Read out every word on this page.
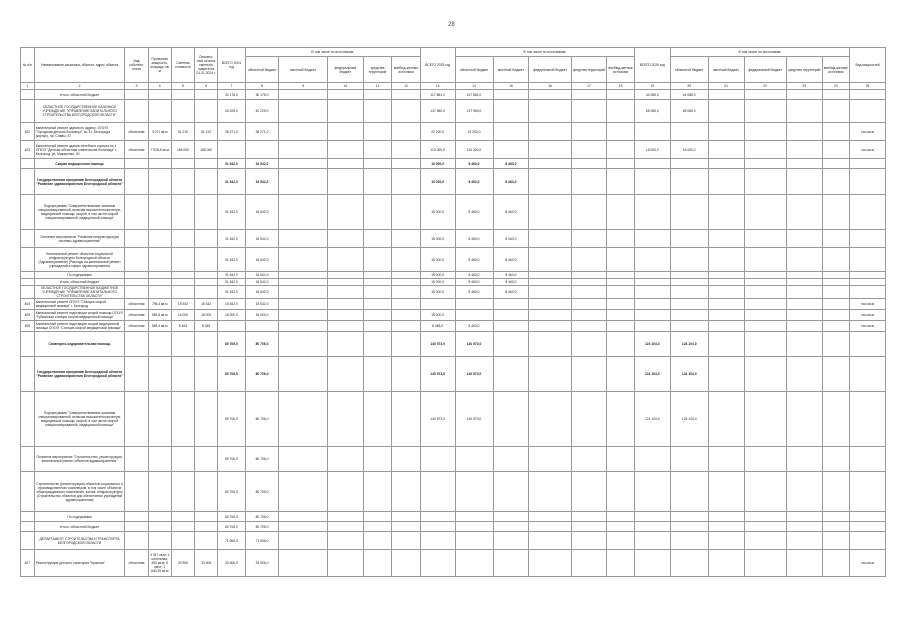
28
№ п/п	Наименование заказчика, объекта, адрес объекта	Вид собствен-ности	Проектная мощность, площадь, кв. м	Сметная стоимость	Освоено-ный остаток сметного лимита на 01.01.2024 г.	ВСЕГО 2024 год	В том числе по источникам:					ВСЕГО 2025 год	В том числе по источникам:					ВСЕГО 2026 год	В том числе по источникам:					Вид мощностей
							областной бюджет	местный бюджет	федеральный бюджет	средства территорий	внебюд-жетные источники		областной бюджет	местный бюджет	федеральный бюджет	средства территорий	внебюд-жетные источники		областной бюджет	местный бюджет	федеральный бюджет	средства территорий	внебюд-жетные источники	
1	2	3	4	5	6	7	8	9	10	11	12	13	14	15	16	17	18	19	20	21	22	23	24	25
	Итого, областной бюджет					30 176,0	30 176,0					117 864,0	117 864,0					44 085,0	44 085,0					
	ОБЛАСТНОЕ ГОСУДАРСТВЕННОЕ КАЗЕННОЕ УЧРЕЖДЕНИЕ "УПРАВЛЕНИЕ КАПИТАЛЬНОГО СТРОИТЕЛЬСТВА БЕЛГОРОДСКОЙ ОБЛАСТИ"					40 225,0	40 225,0					137 960,0	137 960,0					65 065,0	65 065,0					
402	Капитальный ремонт здания по адресу: ОГБУЗ "Городская детская больница", № 3 г. Белгорода (корпус), пр. Славы, 47	областная	3 071 кв.м	51 210	51 210	38 271,0	38 271,0					22 200,0	22 200,0											тыс.кв.м
403	Капитальный ремонт здания лечебного корпуса № 4 ОГБУЗ "Детская областная клиническая больница" г. Белгород, ул. Макаренко, 40	областная	7 928,8 кв.м	165 000	165 000							110 000,0	110 000,0					16 000,0	16 000,0					тыс.кв.м
	Скорая медицинская помощь					31 542,0	16 542,0					15 000,0	8 463,0	8 463,0										
	Государственная программа Белгородской области "Развитие здравоохранения Белгородской области"					31 542,0	16 542,0					15 000,0	8 463,0	8 463,0										
	Подпрограмма "Совершенствование оказания специализированной, включая высокотехнологичную, медицинской помощи, скорой, в том числе скорой специализированной, медицинской помощи"					31 542,0	16 542,0					15 000,0	8 463,0	8 463,0										
	Основное мероприятие "Развитие инфраструктуры системы здравоохранения"					31 542,0	16 542,0					15 000,0	8 463,0	8 463,0										
	Капитальный ремонт объектов социальной инфраструктуры Белгородской области (Здравоохранение) (Расходы на капитальный ремонт учреждений в сфере здравоохранения)					31 542,0	16 542,0					15 000,0	8 463,0	8 463,0										
	По содержанию					31 542,0	16 542,0					15 000,0	8 463,0	8 463,0										
	Итого, областной бюджет					31 542,0	16 542,0					15 000,0	8 463,0	8 463,0										
	ОБЛАСТНОЕ ГОСУДАРСТВЕННОЕ БЮДЖЕТНОЕ УЧРЕЖДЕНИЕ "УПРАВЛЕНИЕ КАПИТАЛЬНОГО СТРОИТЕЛЬСТВА ОБЛАСТИ"					31 542,0	16 542,0					15 000,0	8 463,0	8 463,0										
404	Капитальный ремонт ОГБУЗ "Станция скорой медицинской помощи" г. Белгород	областная	796,4 кв.м	15 542	15 542	15 542,0	15 542,0																	тыс.кв.м
405	Капитальный ремонт подстанции скорой помощи ОГБУЗ "Губкинская станция скорой медицинской помощи"	областная	584,8 кв.м	16 000	16 000	16 000,0	16 000,0					15 000,0												тыс.кв.м
406	Капитальный ремонт подстанции скорой медицинской помощи ОГБУЗ "Станция скорой медицинской помощи"	областная	584,4 кв.м	8 463	8 463							8 463,0	8 463,0											тыс.кв.м
	Санаторно-оздоровительная помощь					80 706,0	80 706,0					140 573,0	140 573,0					124 104,0	124 104,0					
	Государственная программа Белгородской области "Развитие здравоохранения Белгородской области"					80 706,0	80 706,0					140 573,0	140 573,0					124 104,0	124 104,0					
	Подпрограмма "Совершенствование оказания специализированной, включая высокотехнологичную, медицинской помощи, скорой, в том числе скорой специализированной, медицинской помощи"					80 706,0	80 706,0					140 573,0	140 573,0					124 104,0	124 104,0					
	Основное мероприятие "Строительство, реконструкция, капитальный ремонт объектов здравоохранения"					80 706,0	80 706,0																	
	Строительство (реконструкция) объектов социального и производственного комплексов, в том числе объектов общегражданского назначения, жилья, инфраструктуры (Строительство объектов для обеспечения учреждений здравоохранения)					80 706,0	80 706,0																	
	По содержанию					80 706,0	80 706,0																	
	Итого, областной бюджет					80 706,0	80 706,0																	
	ДЕПАРТАМЕНТ СТРОИТЕЛЬСТВА И ТРАНСПОРТА БЕЛГОРОДСКОЙ ОБЛАСТИ					71 906,0	71 906,0																	
407	Реконструкция детского санатория "Красная"	областная	3 347 кв.м; 1 котельная; 450 кв.м; 6 мест; 1 840,35 кв.м	33 906	33 906	33 906,0	33 906,0																	тыс.кв.м
